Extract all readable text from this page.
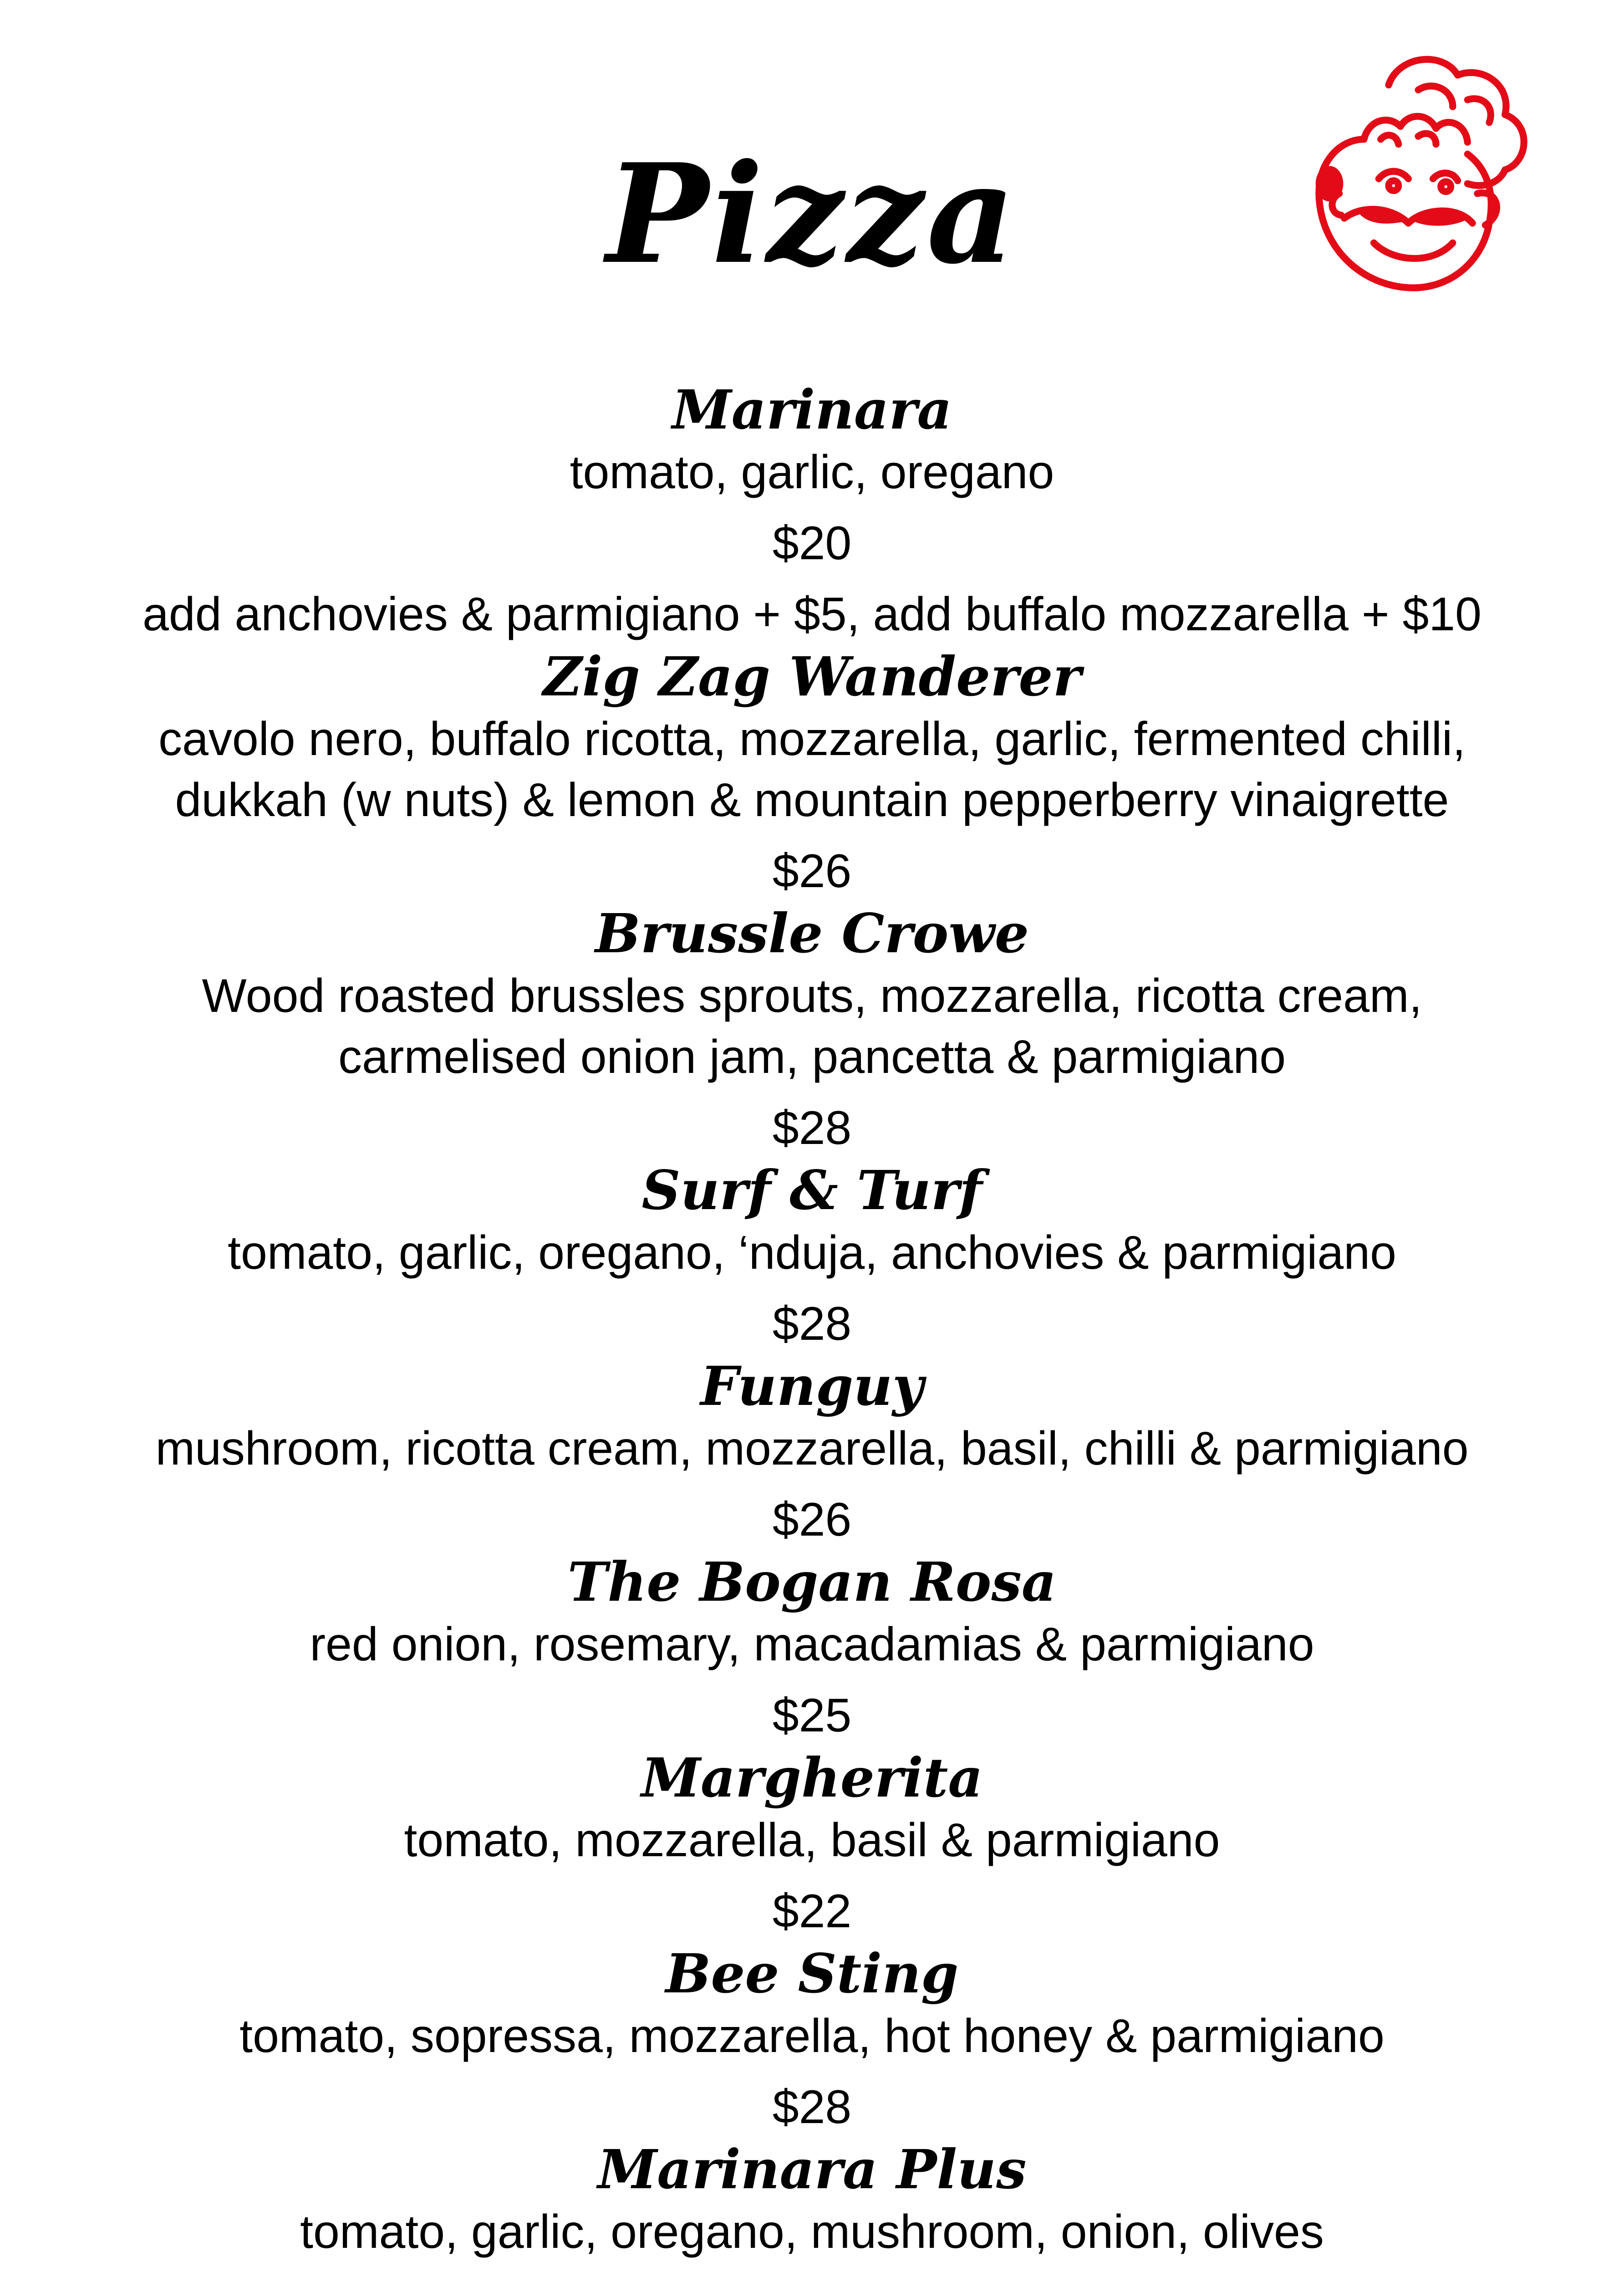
Pizza
Marinara
tomato, garlic, oregano
$20
add anchovies & parmigiano + $5, add buffalo mozzarella + $10
Zig Zag Wanderer
cavolo nero, buffalo ricotta, mozzarella, garlic, fermented chilli,
dukkah (w nuts) & lemon & mountain pepperberry vinaigrette
$26
Brussle Crowe
Wood roasted brussles sprouts, mozzarella, ricotta cream,
carmelised onion jam, pancetta & parmigiano
$28
Surf & Turf
tomato, garlic, oregano, ‘nduja, anchovies & parmigiano
$28
Funguy
mushroom, ricotta cream, mozzarella, basil, chilli & parmigiano
$26
The Bogan Rosa
red onion, rosemary, macadamias & parmigiano
$25
Margherita
tomato, mozzarella, basil & parmigiano
$22
Bee Sting
tomato, sopressa, mozzarella, hot honey & parmigiano
$28
Marinara Plus
tomato, garlic, oregano, mushroom, onion, olives
